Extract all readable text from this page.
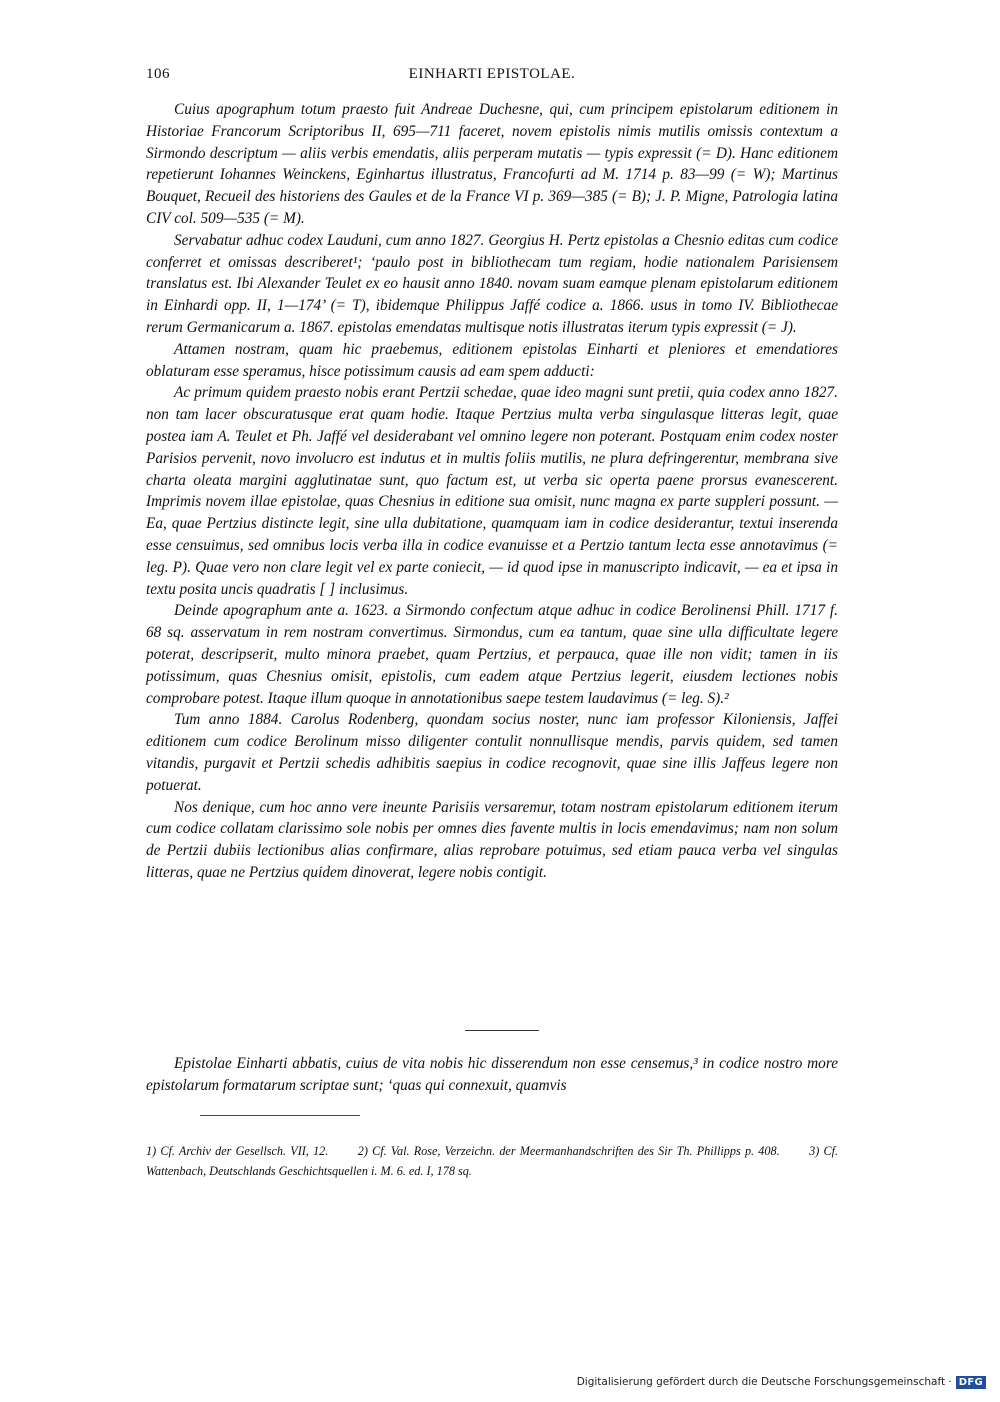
106	EINHARTI EPISTOLAE.

Cuius apographum totum praesto fuit Andreae Duchesne, qui, cum principem epistolarum editionem in Historiae Francorum Scriptoribus II, 695—711 faceret, novem epistolis nimis mutilis omissis contextum a Sirmondo descriptum — aliis verbis emendatis, aliis perperam mutatis — typis expressit (= D). Hanc editionem repetierunt Iohannes Weinckens, Eginhartus illustratus, Francofurti ad M. 1714 p. 83—99 (= W); Martinus Bouquet, Recueil des historiens des Gaules et de la France VI p. 369—385 (= B); J. P. Migne, Patrologia latina CIV col. 509—535 (= M).

Servabatur adhuc codex Lauduni, cum anno 1827. Georgius H. Pertz epistolas a Chesnio editas cum codice conferret et omissas describeret¹; ‘paulo post in bibliothecam tum regiam, hodie nationalem Parisiensem translatus est. Ibi Alexander Teulet ex eo hausit anno 1840. novam suam eamque plenam epistolarum editionem in Einhardi opp. II, 1—174’ (= T), ibidemque Philippus Jaffé codice a. 1866. usus in tomo IV. Bibliothecae rerum Germanicarum a. 1867. epistolas emendatas multisque notis illustratas iterum typis expressit (= J).

Attamen nostram, quam hic praebemus, editionem epistolas Einharti et pleniores et emendatiores oblaturam esse speramus, hisce potissimum causis ad eam spem adducti:

Ac primum quidem praesto nobis erant Pertzii schedae, quae ideo magni sunt pretii, quia codex anno 1827. non tam lacer obscuratusque erat quam hodie. Itaque Pertzius multa verba singulasque litteras legit, quae postea iam A. Teulet et Ph. Jaffé vel desiderabant vel omnino legere non poterant. Postquam enim codex noster Parisios pervenit, novo involucro est indutus et in multis foliis mutilis, ne plura defringerentur, membrana sive charta oleata margini agglutinatae sunt, quo factum est, ut verba sic operta paene prorsus evanescerent. Imprimis novem illae epistolae, quas Chesnius in editione sua omisit, nunc magna ex parte suppleri possunt. — Ea, quae Pertzius distincte legit, sine ulla dubitatione, quamquam iam in codice desiderantur, textui inserenda esse censuimus, sed omnibus locis verba illa in codice evanuisse et a Pertzio tantum lecta esse annotavimus (= leg. P). Quae vero non clare legit vel ex parte coniecit, — id quod ipse in manuscripto indicavit, — ea et ipsa in textu posita uncis quadratis [ ] inclusimus.

Deinde apographum ante a. 1623. a Sirmondo confectum atque adhuc in codice Berolinensi Phill. 1717 f. 68 sq. asservatum in rem nostram convertimus. Sirmondus, cum ea tantum, quae sine ulla difficultate legere poterat, descripserit, multo minora praebet, quam Pertzius, et perpauca, quae ille non vidit; tamen in iis potissimum, quas Chesnius omisit, epistolis, cum eadem atque Pertzius legerit, eiusdem lectiones nobis comprobare potest. Itaque illum quoque in annotationibus saepe testem laudavimus (= leg. S).²

Tum anno 1884. Carolus Rodenberg, quondam socius noster, nunc iam professor Kiloniensis, Jaffei editionem cum codice Berolinum misso diligenter contulit nonnullisque mendis, parvis quidem, sed tamen vitandis, purgavit et Pertzii schedis adhibitis saepius in codice recognovit, quae sine illis Jaffeus legere non potuerat.

Nos denique, cum hoc anno vere ineunte Parisiis versaremur, totam nostram epistolarum editionem iterum cum codice collatam clarissimo sole nobis per omnes dies favente multis in locis emendavimus; nam non solum de Pertzii dubiis lectionibus alias confirmare, alias reprobare potuimus, sed etiam pauca verba vel singulas litteras, quae ne Pertzius quidem dinoverat, legere nobis contigit.

Epistolae Einharti abbatis, cuius de vita nobis hic disserendum non esse censemus,³ in codice nostro more epistolarum formatarum scriptae sunt; ‘quas qui connexuit, quamvis

1) Cf. Archiv der Gesellsch. VII, 12. 2) Cf. Val. Rose, Verzeichn. der Meermanhandschriften des Sir Th. Phillipps p. 408. 3) Cf. Wattenbach, Deutschlands Geschichtsquellen i. M. 6. ed. I, 178 sq.
Digitalisierung gefördert durch die Deutsche Forschungsgemeinschaft · DFG
